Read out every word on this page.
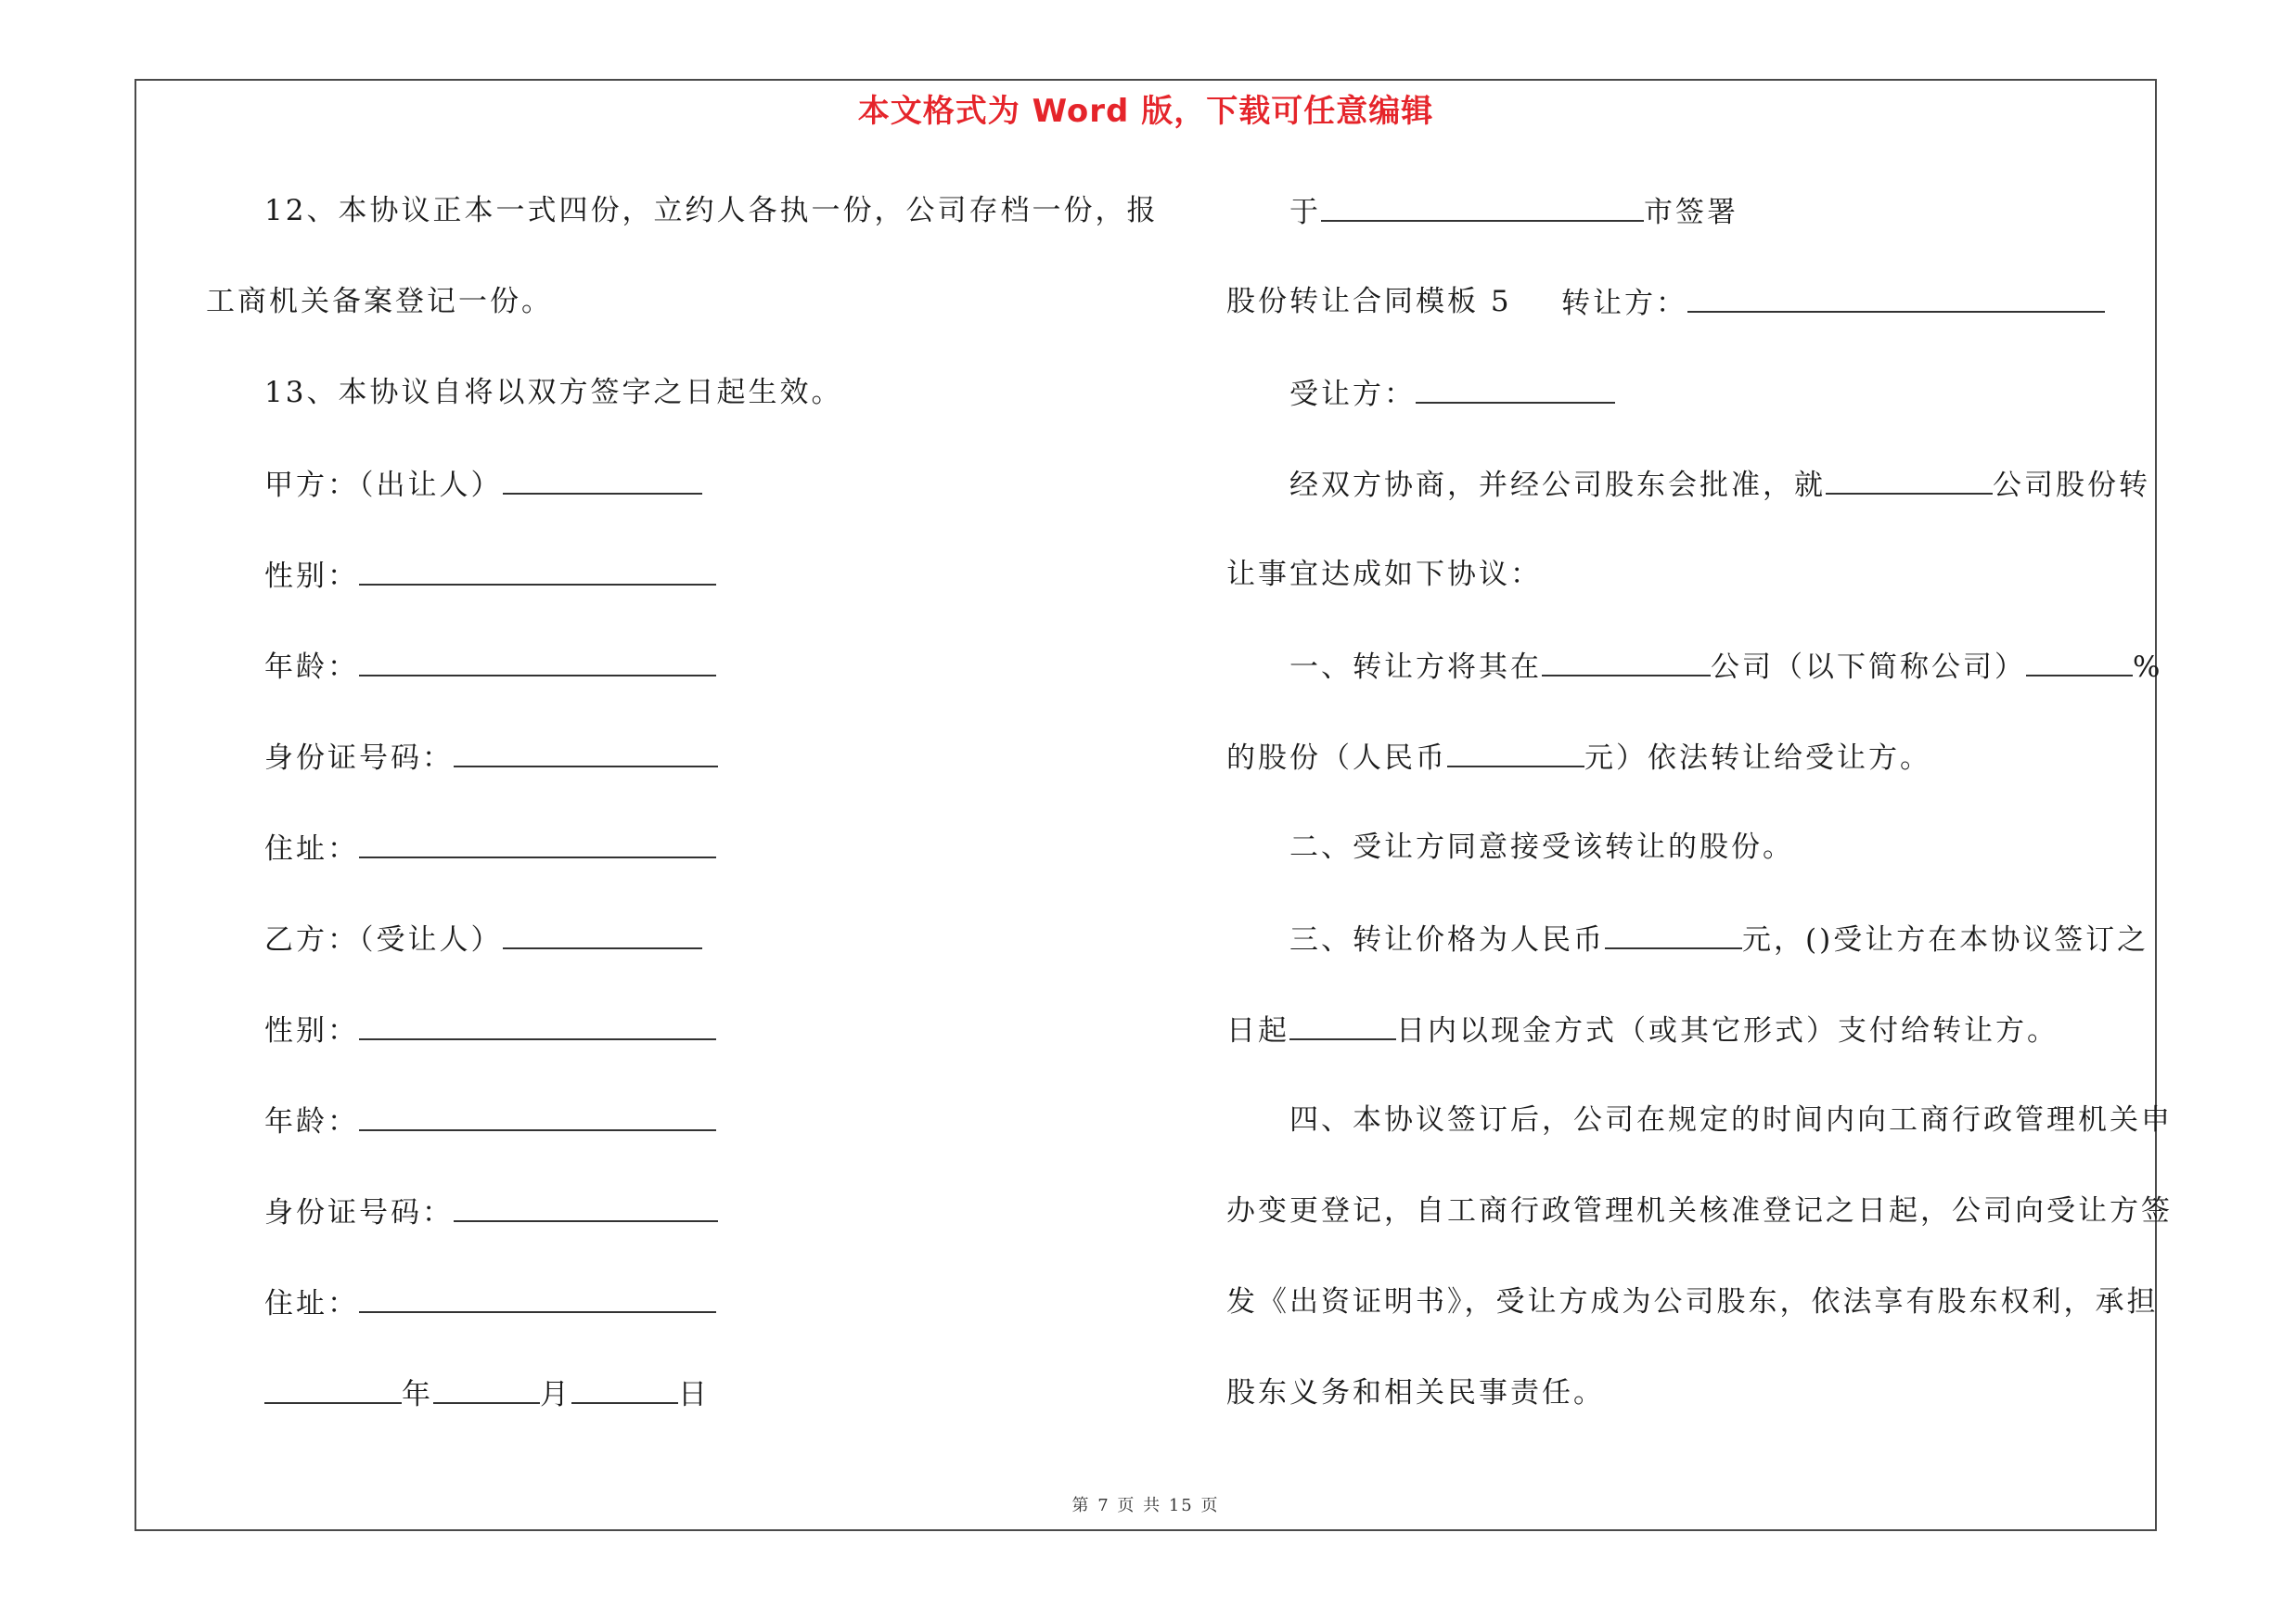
本文格式为 Word 版，下载可任意编辑
12、本协议正本一式四份，立约人各执一份，公司存档一份，报
工商机关备案登记一份。
13、本协议自将以双方签字之日起生效。
甲方：（出让人）
性别：
年龄：
身份证号码：
住址：
乙方：（受让人）
性别：
年龄：
身份证号码：
住址：
年	月	日
于	市签署
股份转让合同模板 5 转让方：
受让方：
经双方协商，并经公司股东会批准，就	公司股份转
让事宜达成如下协议：
一、转让方将其在	公司（以下简称公司）	%
的股份（人民币	元）依法转让给受让方。
二、受让方同意接受该转让的股份。
三、转让价格为人民币	元，()受让方在本协议签订之
日起	日内以现金方式（或其它形式）支付给转让方。
四、本协议签订后，公司在规定的时间内向工商行政管理机关申
办变更登记，自工商行政管理机关核准登记之日起，公司向受让方签
发《出资证明书》，受让方成为公司股东，依法享有股东权利，承担
股东义务和相关民事责任。
第 7 页 共 15 页
